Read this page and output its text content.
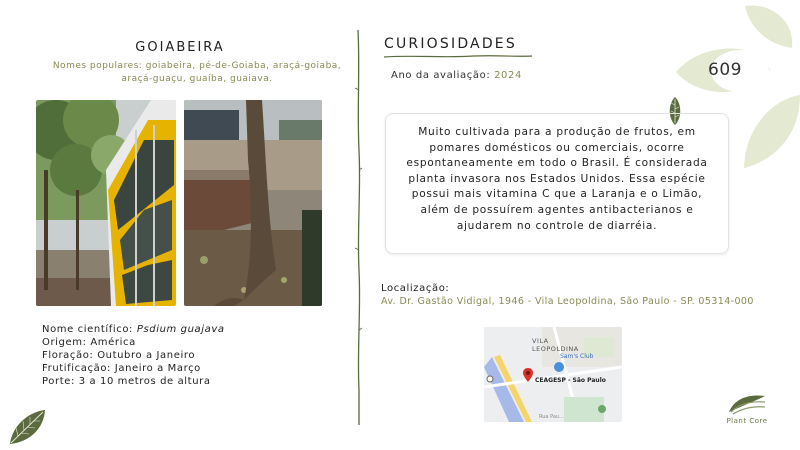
609
GOIABEIRA
Nomes populares: goiabeira, pé-de-Goiaba, araçá-goiaba, araçá-guaçu, guaíba, guaiava.
Nome científico: Psdium guajava
Origem: América
Floração: Outubro a Janeiro
Frutificação: Janeiro a Março
Porte: 3 a 10 metros de altura
CURIOSIDADES
Ano da avaliação: 2024

Muito cultivada para a produção de frutos, em pomares domésticos ou comerciais, ocorre espontaneamente em todo o Brasil. É considerada planta invasora nos Estados Unidos. Essa espécie possui mais vitamina C que a Laranja e o Limão, além de possuírem agentes antibacterianos e ajudarem no controle de diarréia.

Localização:
Av. Dr. Gastão Vidigal, 1946 - Vila Leopoldina, São Paulo - SP. 05314-000
VILA LEOPOLDINA
Sam's Club
CEAGESP - São Paulo
Rua Pau...	Plant Core
